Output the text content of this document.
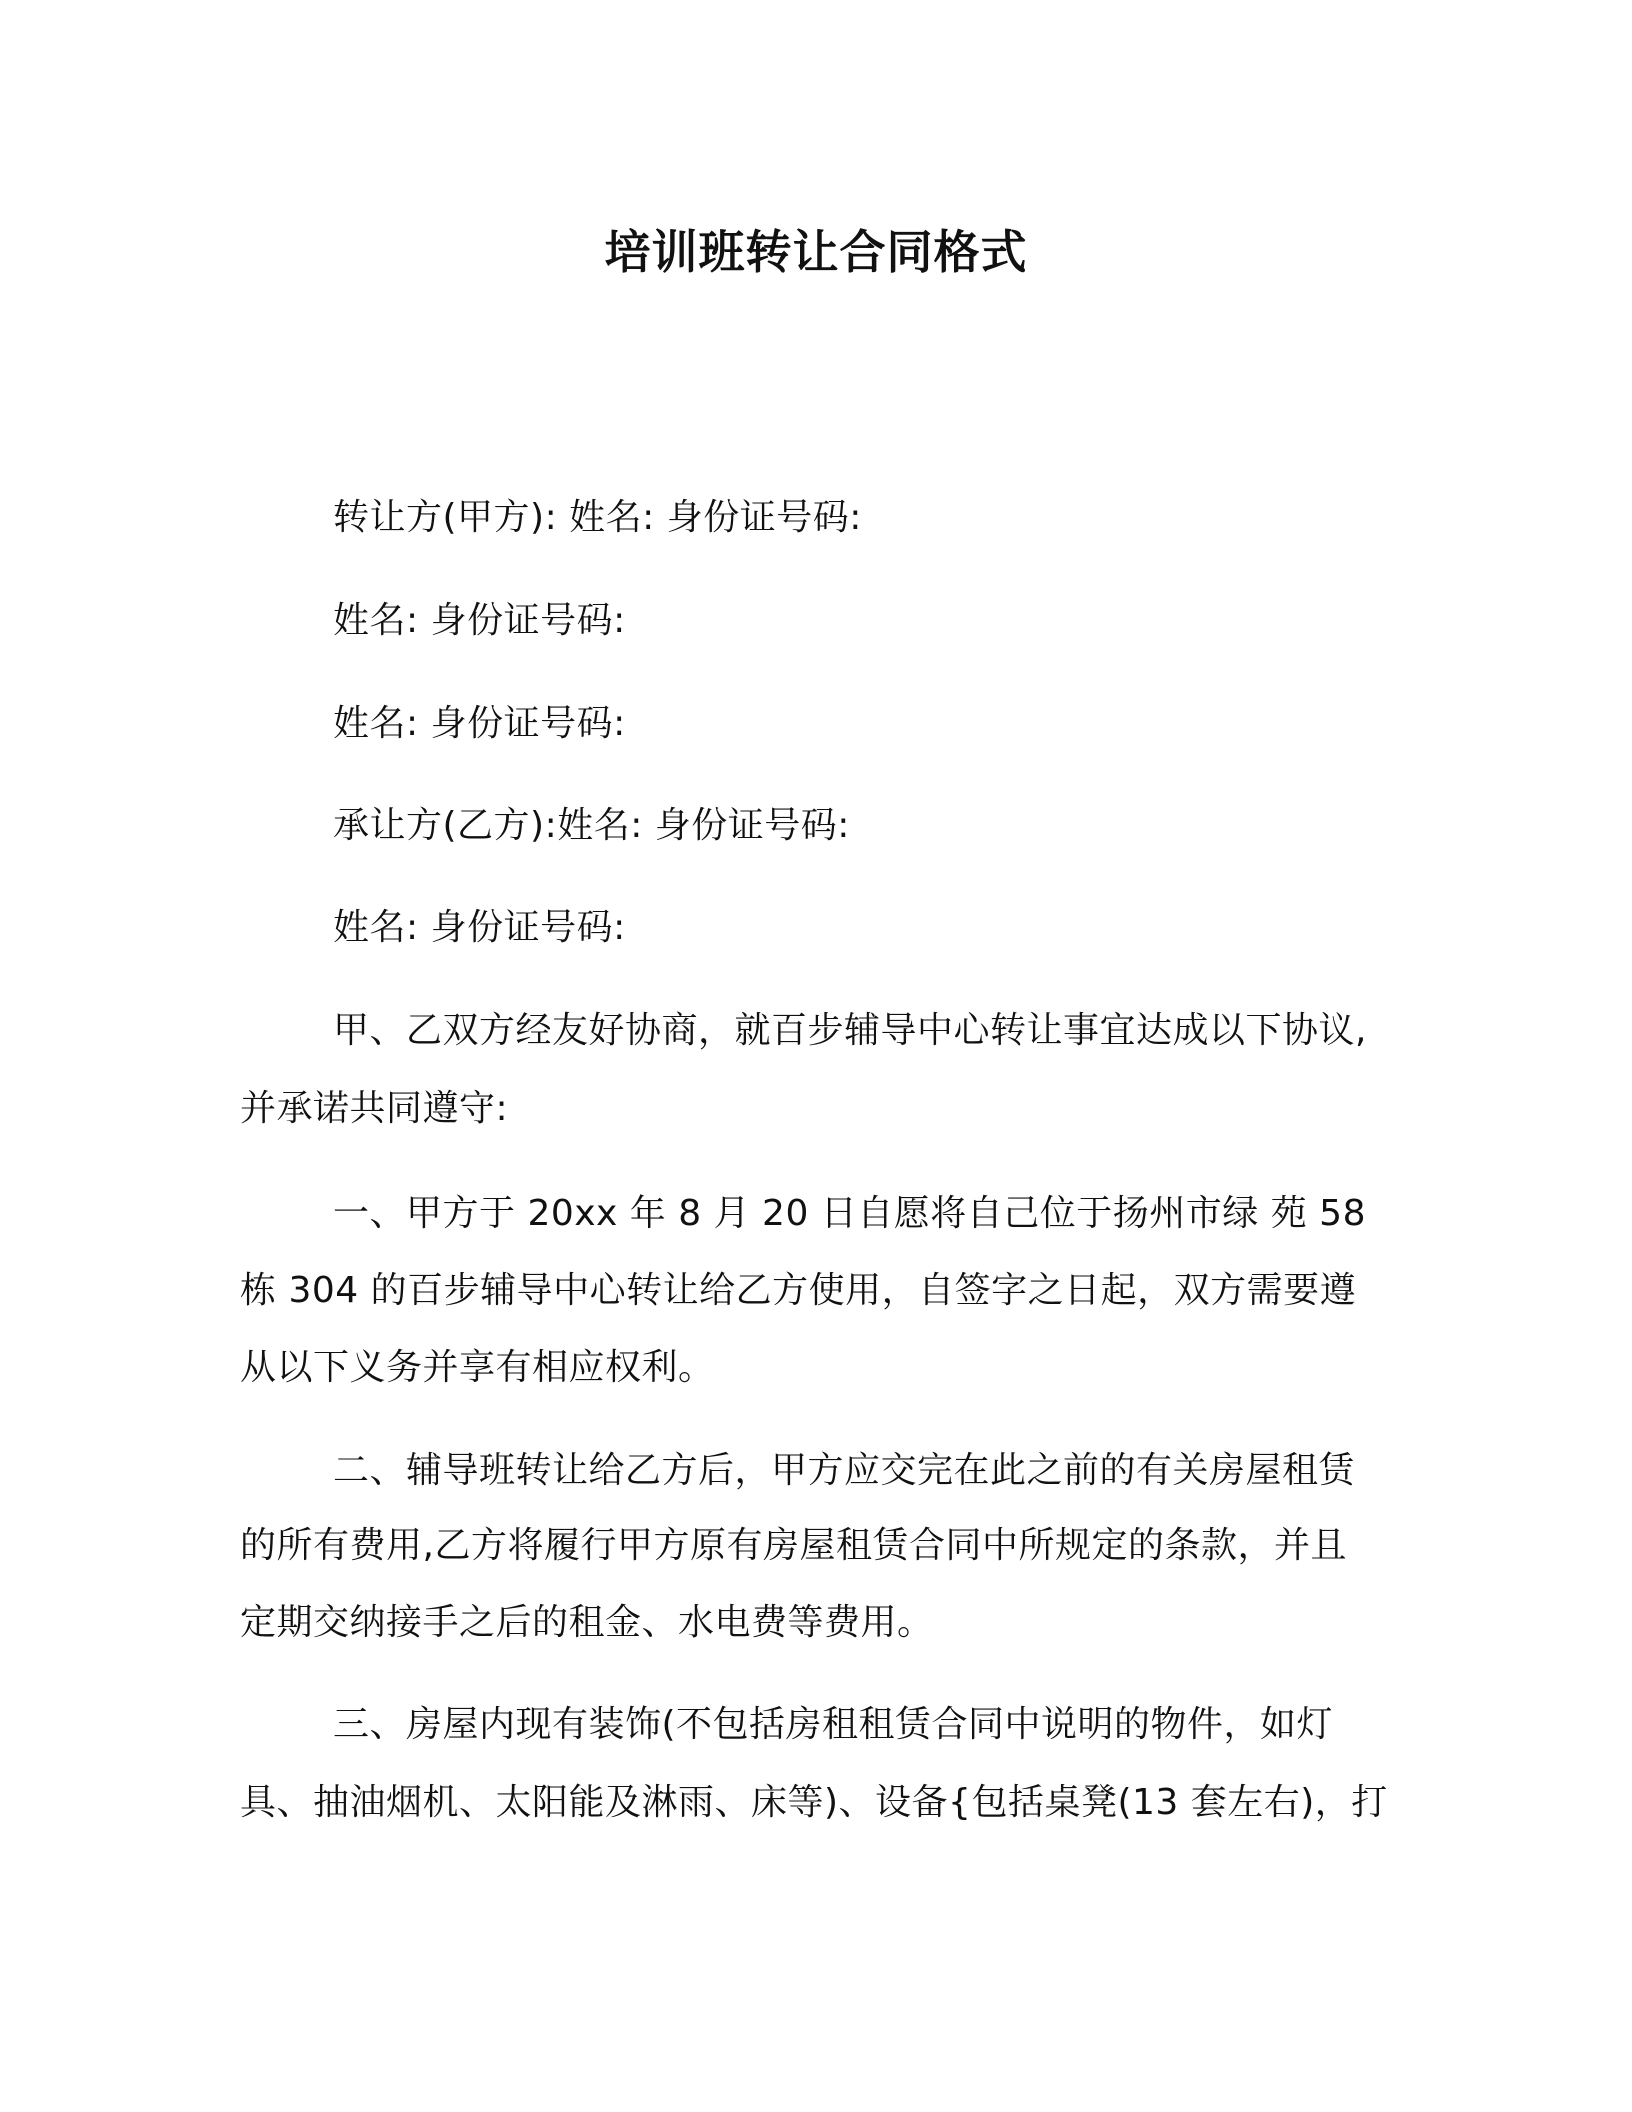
培训班转让合同格式
转让方(甲方): 姓名: 身份证号码:
姓名: 身份证号码:
姓名: 身份证号码:
承让方(乙方):姓名: 身份证号码:
姓名: 身份证号码:
甲、乙双方经友好协商，就百步辅导中心转让事宜达成以下协议,
并承诺共同遵守:
一、甲方于 20xx 年 8 月 20 日自愿将自己位于扬州市绿 苑 58
栋 304 的百步辅导中心转让给乙方使用，自签字之日起，双方需要遵
从以下义务并享有相应权利。
二、辅导班转让给乙方后，甲方应交完在此之前的有关房屋租赁
的所有费用,乙方将履行甲方原有房屋租赁合同中所规定的条款，并且
定期交纳接手之后的租金、水电费等费用。
三、房屋内现有装饰(不包括房租租赁合同中说明的物件，如灯
具、抽油烟机、太阳能及淋雨、床等)、设备{包括桌凳(13 套左右)，打
